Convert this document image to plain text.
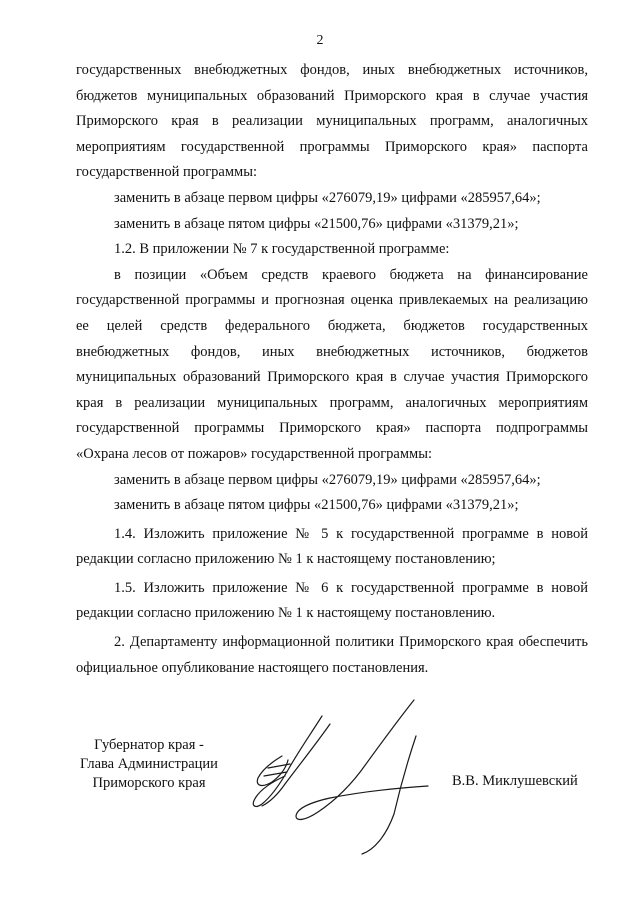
2

государственных внебюджетных фондов, иных внебюджетных источников, бюджетов муниципальных образований Приморского края в случае участия Приморского края в реализации муниципальных программ, аналогичных мероприятиям государственной программы Приморского края» паспорта государственной программы:

заменить в абзаце первом цифры «276079,19» цифрами «285957,64»;

заменить в абзаце пятом цифры «21500,76» цифрами «31379,21»;

1.2. В приложении № 7 к государственной программе:

в позиции «Объем средств краевого бюджета на финансирование государственной программы и прогнозная оценка привлекаемых на реализацию ее целей средств федерального бюджета, бюджетов государственных внебюджетных фондов, иных внебюджетных источников, бюджетов муниципальных образований Приморского края в случае участия Приморского края в реализации муниципальных программ, аналогичных мероприятиям государственной программы Приморского края» паспорта подпрограммы «Охрана лесов от пожаров» государственной программы:

заменить в абзаце первом цифры «276079,19» цифрами «285957,64»;

заменить в абзаце пятом цифры «21500,76» цифрами «31379,21»;

1.4. Изложить приложение № 5 к государственной программе в новой редакции согласно приложению № 1 к настоящему постановлению;

1.5. Изложить приложение № 6 к государственной программе в новой редакции согласно приложению № 1 к настоящему постановлению.

2. Департаменту информационной политики Приморского края обеспечить официальное опубликование настоящего постановления.

Губернатор края -
Глава Администрации
Приморского края	В.В. Миклушевский
